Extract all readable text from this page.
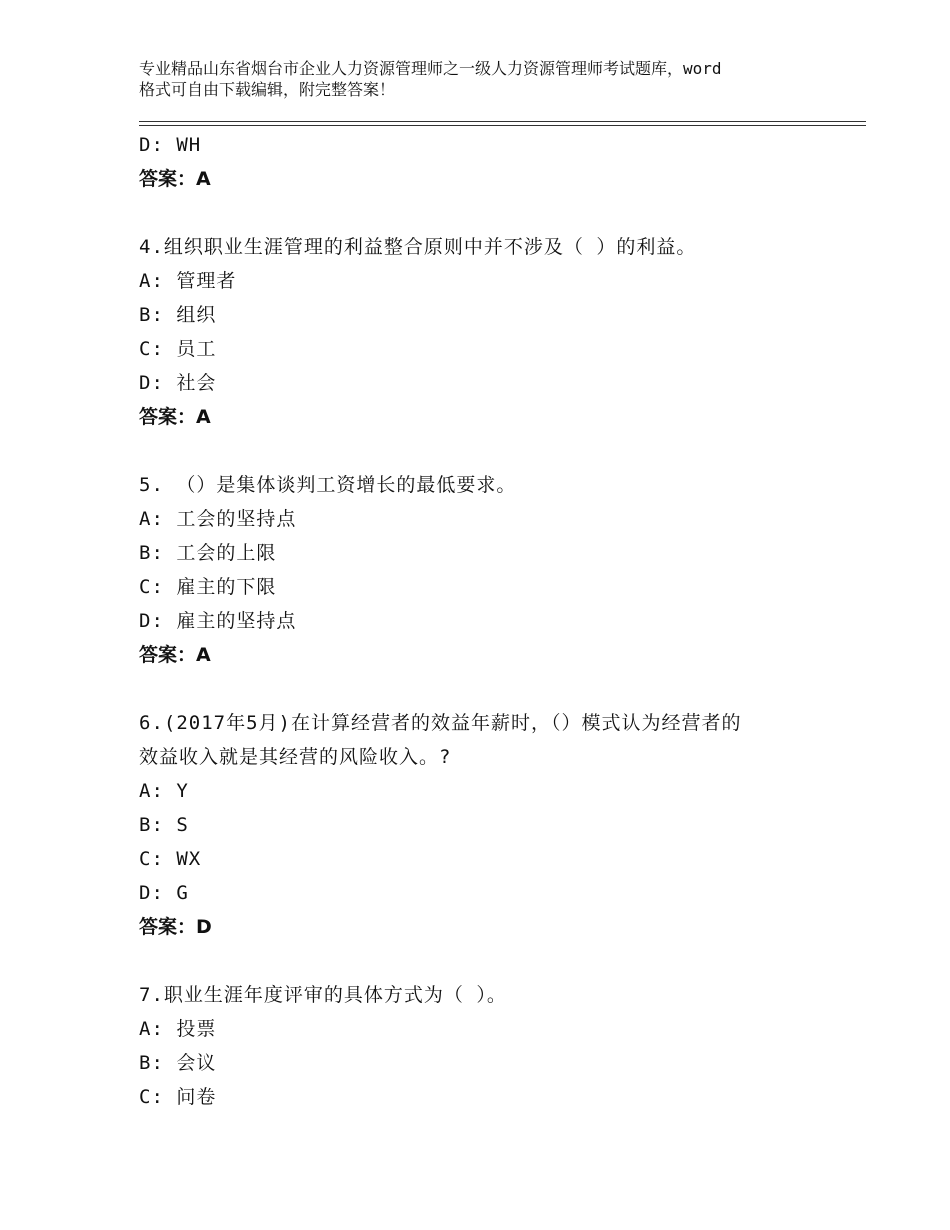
专业精品山东省烟台市企业人力资源管理师之一级人力资源管理师考试题库，word
格式可自由下载编辑，附完整答案！
D: WH
答案：A
4.组织职业生涯管理的利益整合原则中并不涉及（ ）的利益。
A: 管理者
B: 组织
C: 员工
D: 社会
答案：A
5. （）是集体谈判工资增长的最低要求。
A: 工会的坚持点
B: 工会的上限
C: 雇主的下限
D: 雇主的坚持点
答案：A
6.(2017年5月)在计算经营者的效益年薪时，（）模式认为经营者的
效益收入就是其经营的风险收入。?
A: Y
B: S
C: WX
D: G
答案：D
7.职业生涯年度评审的具体方式为（ ）。
A: 投票
B: 会议
C: 问卷
